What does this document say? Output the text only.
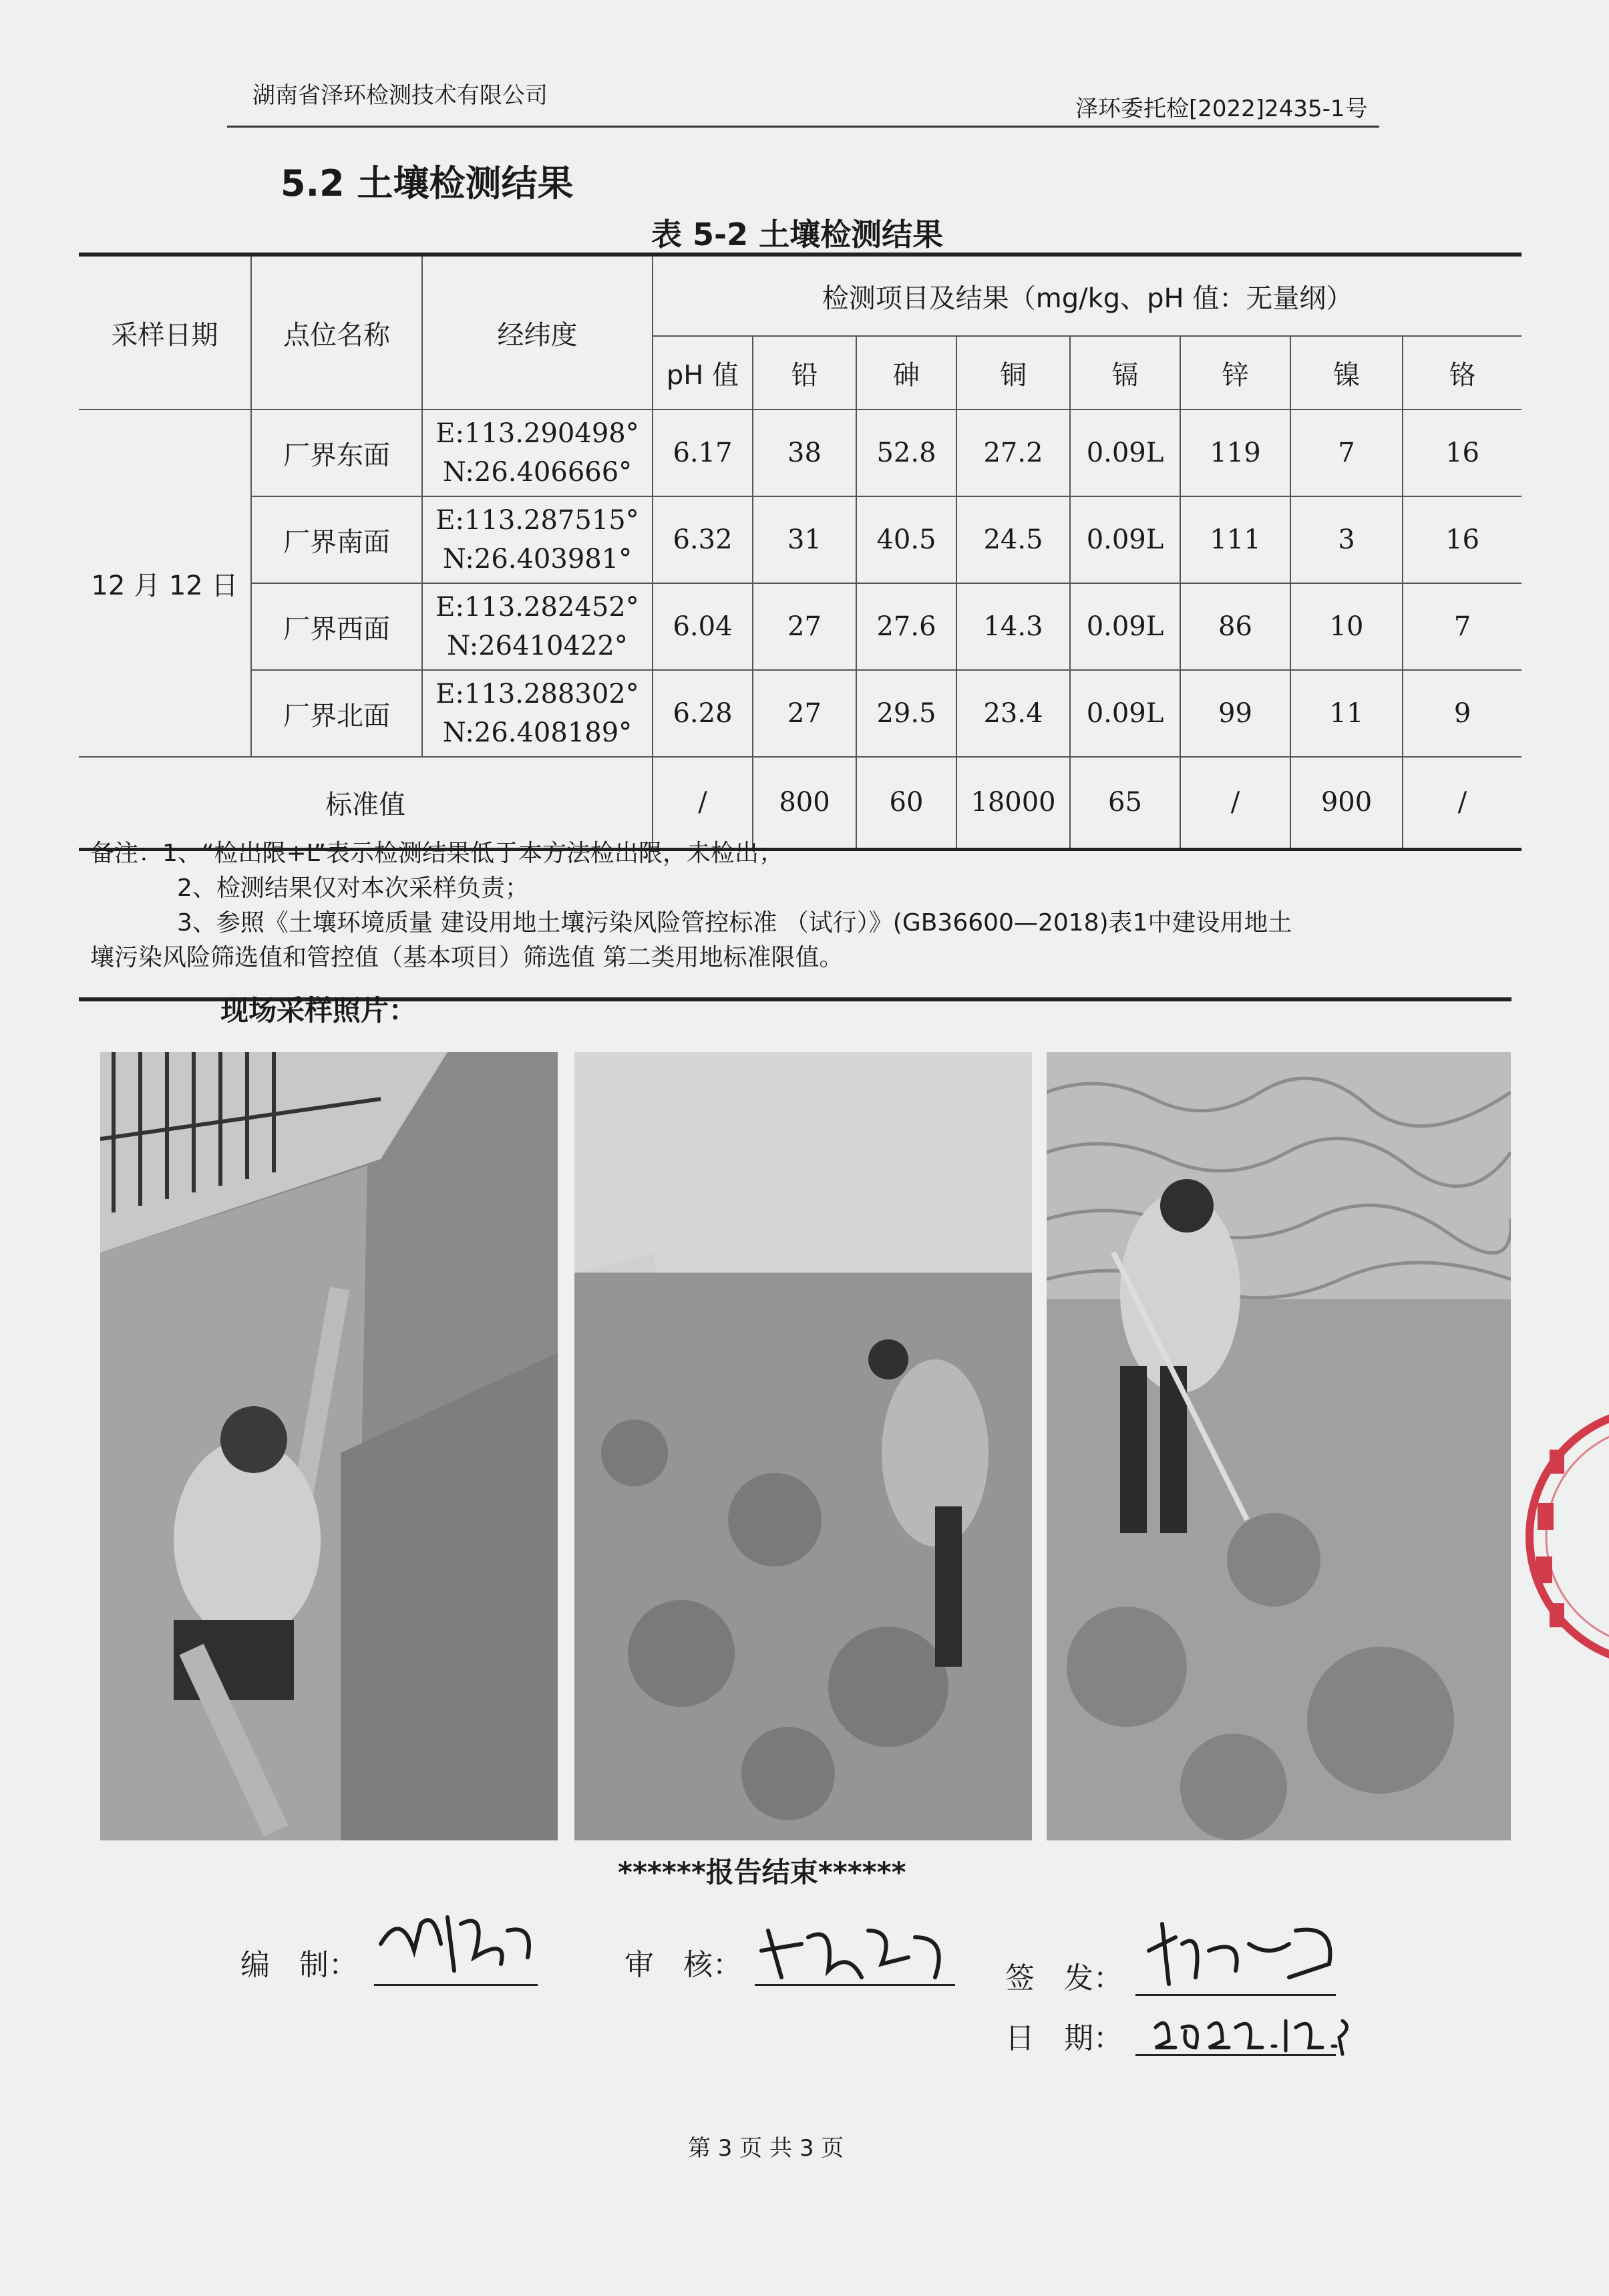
湖南省泽环检测技术有限公司	泽环委托检[2022]2435-1号
5.2 土壤检测结果
表 5-2 土壤检测结果
采样日期	点位名称	经纬度	检测项目及结果（mg/kg、pH 值：无量纲）							
			pH 值	铅	砷	铜	镉	锌	镍	铬
12 月 12 日	厂界东面	E:113.290498°
N:26.406666°	6.17	38	52.8	27.2	0.09L	119	7	16
	厂界南面	E:113.287515°
N:26.403981°	6.32	31	40.5	24.5	0.09L	111	3	16
	厂界西面	E:113.282452°
N:26410422°	6.04	27	27.6	14.3	0.09L	86	10	7
	厂界北面	E:113.288302°
N:26.408189°	6.28	27	29.5	23.4	0.09L	99	11	9
标准值			/	800	60	18000	65	/	900	/
备注：1、“检出限+L”表示检测结果低于本方法检出限，未检出；
2、检测结果仅对本次采样负责；
3、参照《土壤环境质量 建设用地土壤污染风险管控标准 （试行）》(GB36600—2018)表1中建设用地土
壤污染风险筛选值和管控值（基本项目）筛选值 第二类用地标准限值。
现场采样照片：
******报告结束******
编　制：	审　核：	签　发：
日　期：
第 3 页 共 3 页
